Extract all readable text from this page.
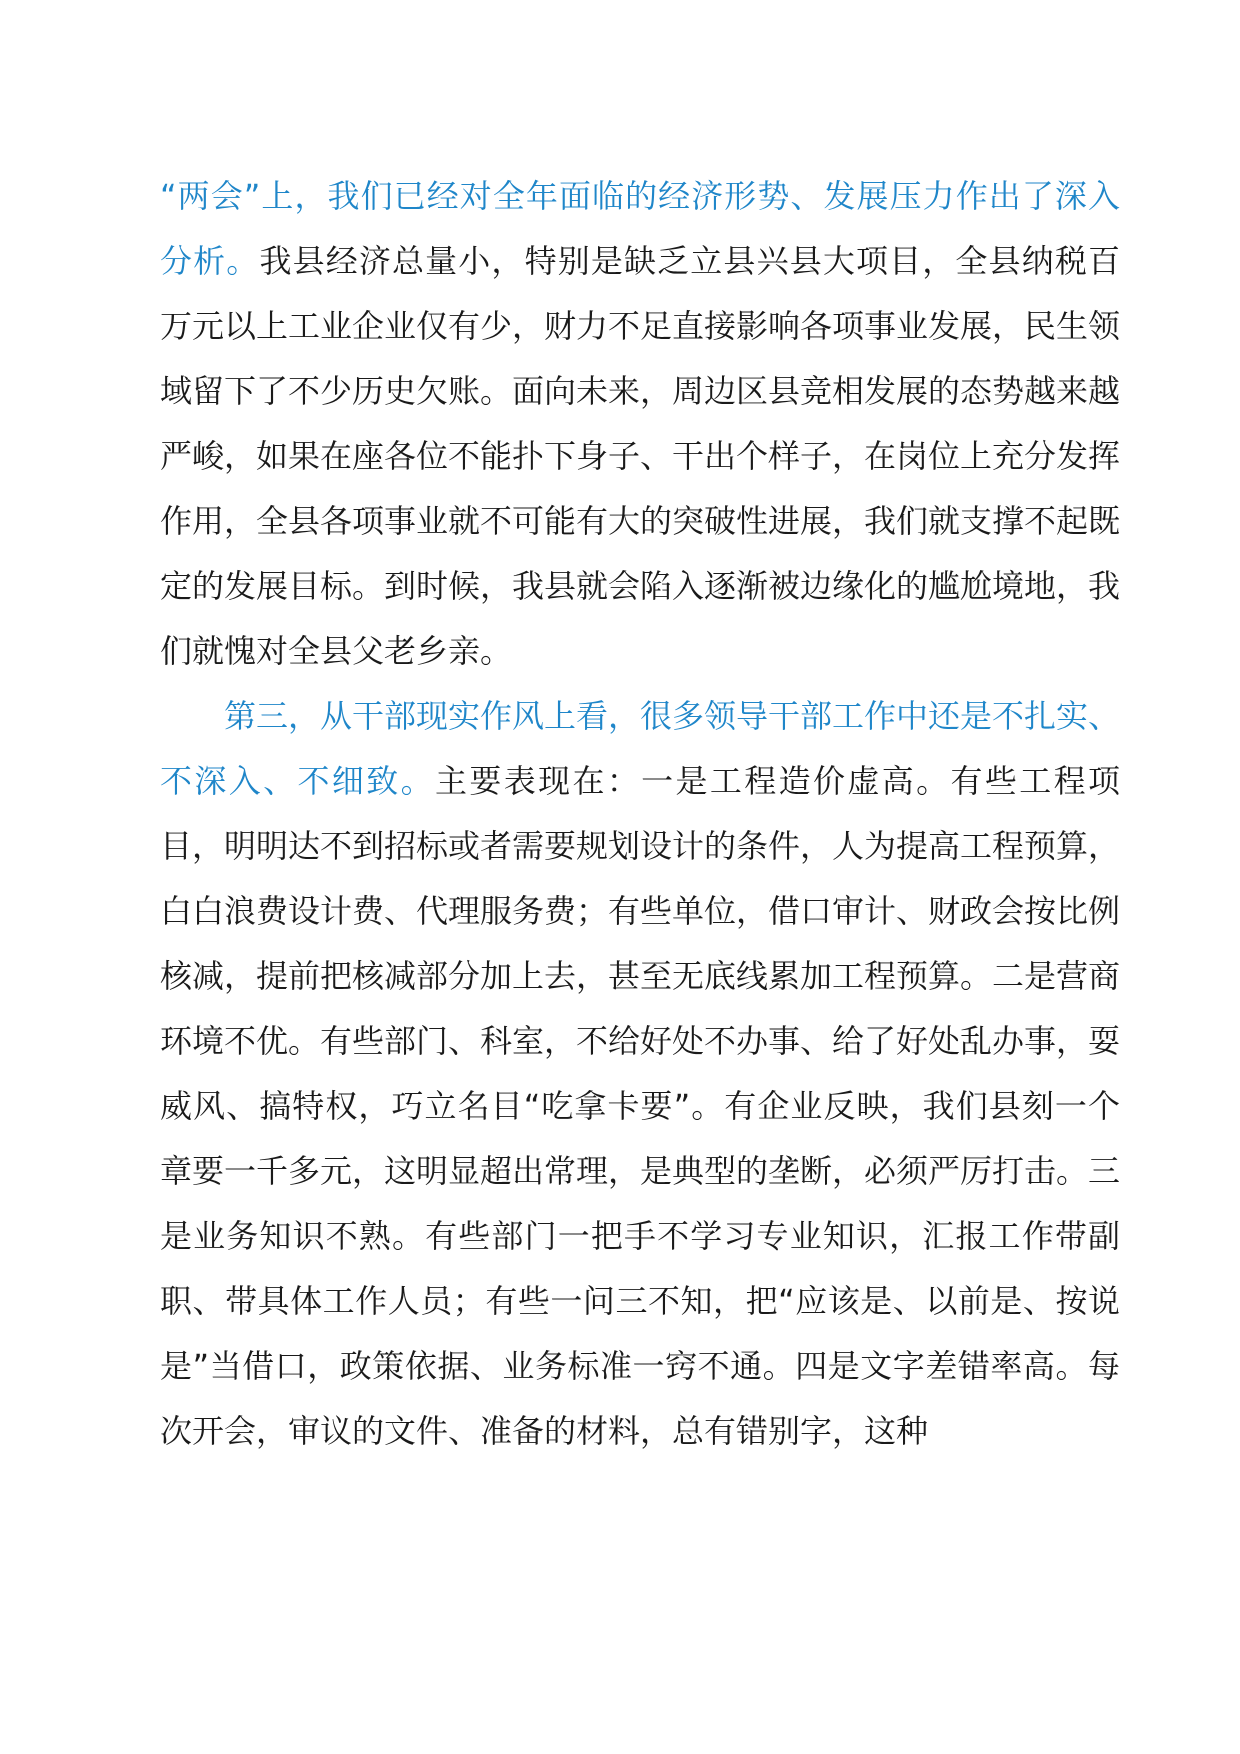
“两会”上，我们已经对全年面临的经济形势、发展压力作出了深入分析。我县经济总量小，特别是缺乏立县兴县大项目，全县纳税百万元以上工业企业仅有少，财力不足直接影响各项事业发展，民生领域留下了不少历史欠账。面向未来，周边区县竞相发展的态势越来越严峻，如果在座各位不能扑下身子、干出个样子，在岗位上充分发挥作用，全县各项事业就不可能有大的突破性进展，我们就支撑不起既定的发展目标。到时候，我县就会陷入逐渐被边缘化的尴尬境地，我们就愧对全县父老乡亲。

第三，从干部现实作风上看，很多领导干部工作中还是不扎实、不深入、不细致。主要表现在：一是工程造价虚高。有些工程项目，明明达不到招标或者需要规划设计的条件，人为提高工程预算，白白浪费设计费、代理服务费；有些单位，借口审计、财政会按比例核减，提前把核减部分加上去，甚至无底线累加工程预算。二是营商环境不优。有些部门、科室，不给好处不办事、给了好处乱办事，耍威风、搞特权，巧立名目“吃拿卡要”。有企业反映，我们县刻一个章要一千多元，这明显超出常理，是典型的垄断，必须严厉打击。三是业务知识不熟。有些部门一把手不学习专业知识，汇报工作带副职、带具体工作人员；有些一问三不知，把“应该是、以前是、按说是”当借口，政策依据、业务标准一窍不通。四是文字差错率高。每次开会，审议的文件、准备的材料，总有错别字，这种
